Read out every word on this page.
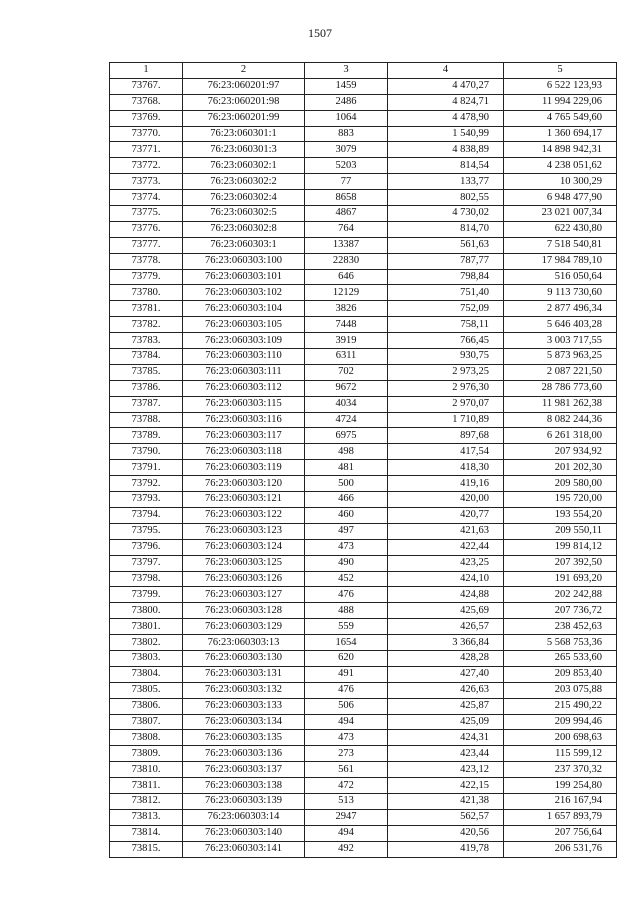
1507
1	2	3	4	5
73767.	76:23:060201:97	1459	4 470,27	6 522 123,93
73768.	76:23:060201:98	2486	4 824,71	11 994 229,06
73769.	76:23:060201:99	1064	4 478,90	4 765 549,60
73770.	76:23:060301:1	883	1 540,99	1 360 694,17
73771.	76:23:060301:3	3079	4 838,89	14 898 942,31
73772.	76:23:060302:1	5203	814,54	4 238 051,62
73773.	76:23:060302:2	77	133,77	10 300,29
73774.	76:23:060302:4	8658	802,55	6 948 477,90
73775.	76:23:060302:5	4867	4 730,02	23 021 007,34
73776.	76:23:060302:8	764	814,70	622 430,80
73777.	76:23:060303:1	13387	561,63	7 518 540,81
73778.	76:23:060303:100	22830	787,77	17 984 789,10
73779.	76:23:060303:101	646	798,84	516 050,64
73780.	76:23:060303:102	12129	751,40	9 113 730,60
73781.	76:23:060303:104	3826	752,09	2 877 496,34
73782.	76:23:060303:105	7448	758,11	5 646 403,28
73783.	76:23:060303:109	3919	766,45	3 003 717,55
73784.	76:23:060303:110	6311	930,75	5 873 963,25
73785.	76:23:060303:111	702	2 973,25	2 087 221,50
73786.	76:23:060303:112	9672	2 976,30	28 786 773,60
73787.	76:23:060303:115	4034	2 970,07	11 981 262,38
73788.	76:23:060303:116	4724	1 710,89	8 082 244,36
73789.	76:23:060303:117	6975	897,68	6 261 318,00
73790.	76:23:060303:118	498	417,54	207 934,92
73791.	76:23:060303:119	481	418,30	201 202,30
73792.	76:23:060303:120	500	419,16	209 580,00
73793.	76:23:060303:121	466	420,00	195 720,00
73794.	76:23:060303:122	460	420,77	193 554,20
73795.	76:23:060303:123	497	421,63	209 550,11
73796.	76:23:060303:124	473	422,44	199 814,12
73797.	76:23:060303:125	490	423,25	207 392,50
73798.	76:23:060303:126	452	424,10	191 693,20
73799.	76:23:060303:127	476	424,88	202 242,88
73800.	76:23:060303:128	488	425,69	207 736,72
73801.	76:23:060303:129	559	426,57	238 452,63
73802.	76:23:060303:13	1654	3 366,84	5 568 753,36
73803.	76:23:060303:130	620	428,28	265 533,60
73804.	76:23:060303:131	491	427,40	209 853,40
73805.	76:23:060303:132	476	426,63	203 075,88
73806.	76:23:060303:133	506	425,87	215 490,22
73807.	76:23:060303:134	494	425,09	209 994,46
73808.	76:23:060303:135	473	424,31	200 698,63
73809.	76:23:060303:136	273	423,44	115 599,12
73810.	76:23:060303:137	561	423,12	237 370,32
73811.	76:23:060303:138	472	422,15	199 254,80
73812.	76:23:060303:139	513	421,38	216 167,94
73813.	76:23:060303:14	2947	562,57	1 657 893,79
73814.	76:23:060303:140	494	420,56	207 756,64
73815.	76:23:060303:141	492	419,78	206 531,76
